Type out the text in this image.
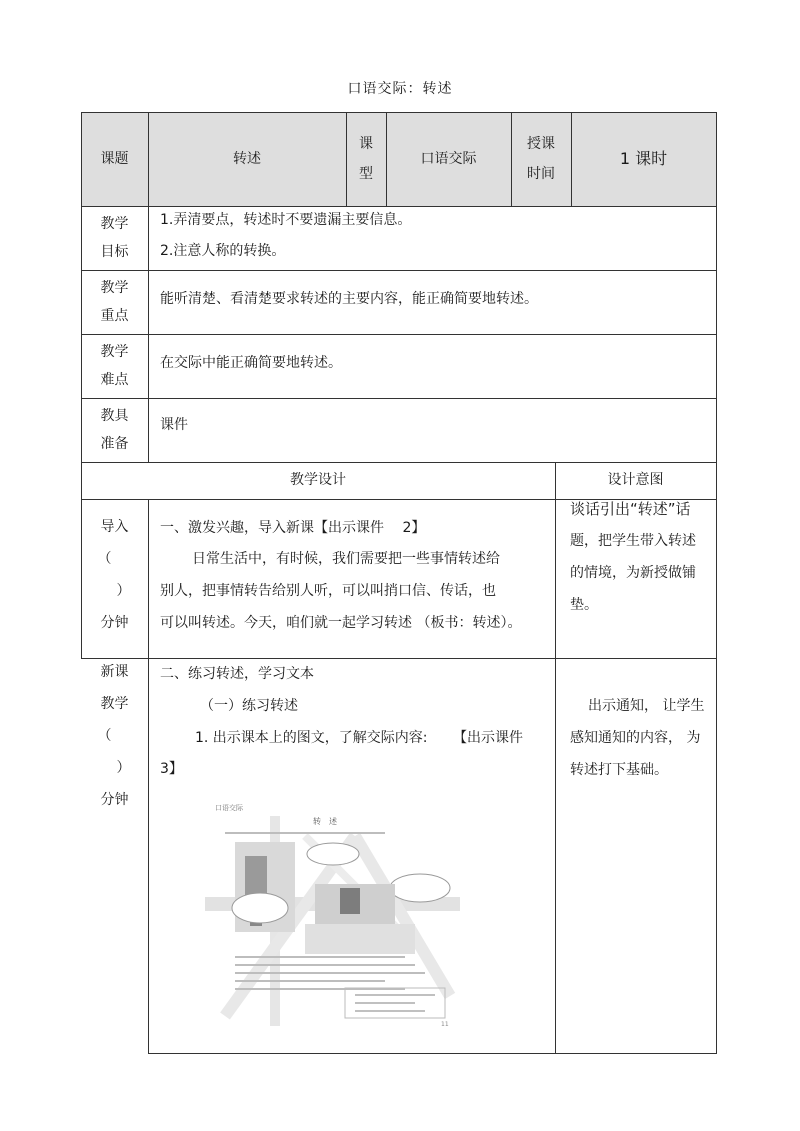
口语交际：转述
课题	转述
课型
口语交际
授课时间
1 课时
教学目标
教学重点
教学难点
教具准备
1.弄清要点，转述时不要遗漏主要信息。
2.注意人称的转换。
能听清楚、看清楚要求转述的主要内容，能正确简要地转述。
在交际中能正确简要地转述。
课件
教学设计	设计意图
导入
（
）
分钟
一、激发兴趣，导入新课【出示课件　 2】
日常生活中，有时候，我们需要把一些事情转述给
别人，把事情转告给别人听，可以叫捎口信、传话，也
可以叫转述。今天，咱们就一起学习转述 （板书：转述）。
谈话引出“转述”话
题，把学生带入转述
的情境，为新授做铺
垫。
新课
教学
（
）
分钟
二、练习转述，学习文本
（一）练习转述
1. 出示课本上的图文，了解交际内容: 　　【出示课件
3】
出示通知， 让学生
感知通知的内容， 为
转述打下基础。
口语交际
转　述
11
